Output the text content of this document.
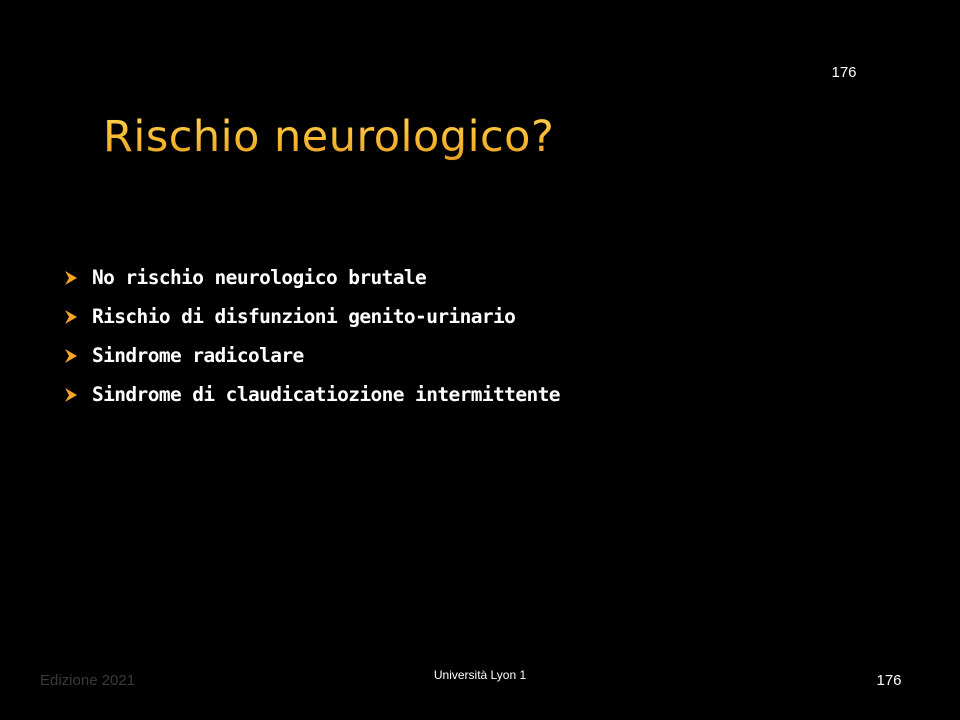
176
Rischio neurologico?
No rischio neurologico brutale
Rischio di disfunzioni genito-urinario
Sindrome radicolare
Sindrome di claudicatiozione intermittente
Edizione 2021	Università Lyon 1	176
